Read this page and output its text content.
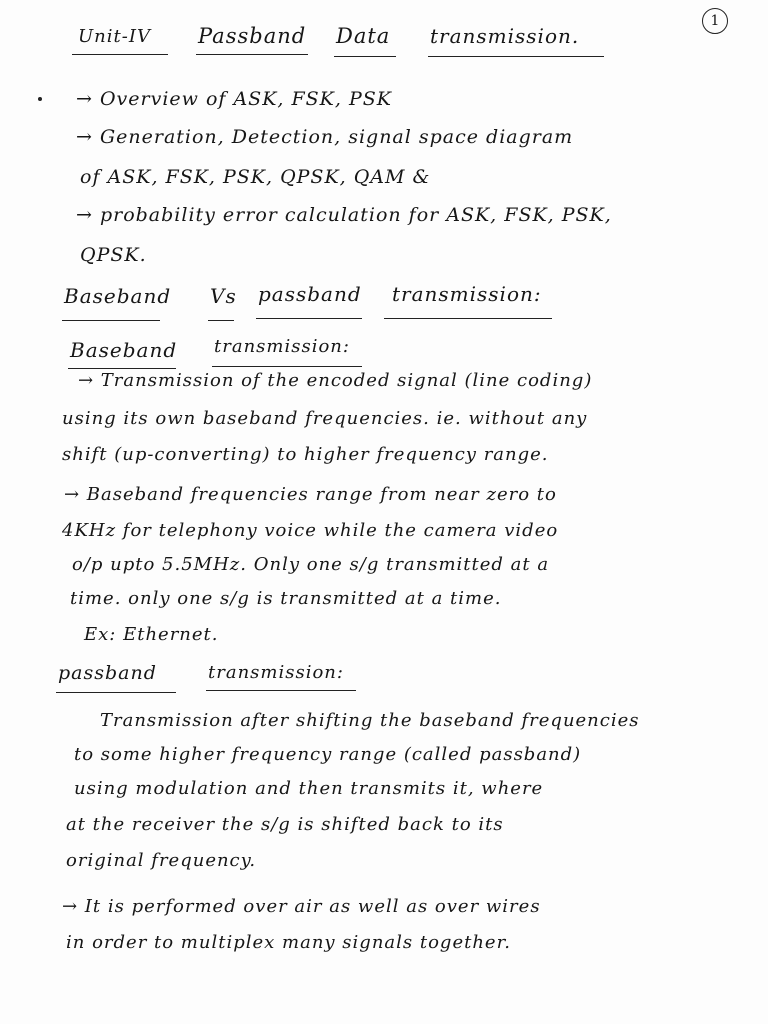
1
Unit-IV Passband Data transmission.
→ Overview of ASK, FSK, PSK
→ Generation, Detection, signal space diagram
of ASK, FSK, PSK, QPSK, QAM &
→ probability error calculation for ASK, FSK, PSK,
QPSK.
Baseband Vs passband transmission:
Baseband transmission:
→ Transmission of the encoded signal (line coding)
using its own baseband frequencies. ie. without any
shift (up-converting) to higher frequency range.
→ Baseband frequencies range from near zero to
4KHz for telephony voice while the camera video
o/p upto 5.5MHz. Only one s/g transmitted at a
time. only one s/g is transmitted at a time.
Ex: Ethernet.
passband	transmission:
Transmission after shifting the baseband frequencies
to some higher frequency range (called passband)
using modulation and then transmits it, where
at the receiver the s/g is shifted back to its
original frequency.
→ It is performed over air as well as over wires
in order to multiplex many signals together.
